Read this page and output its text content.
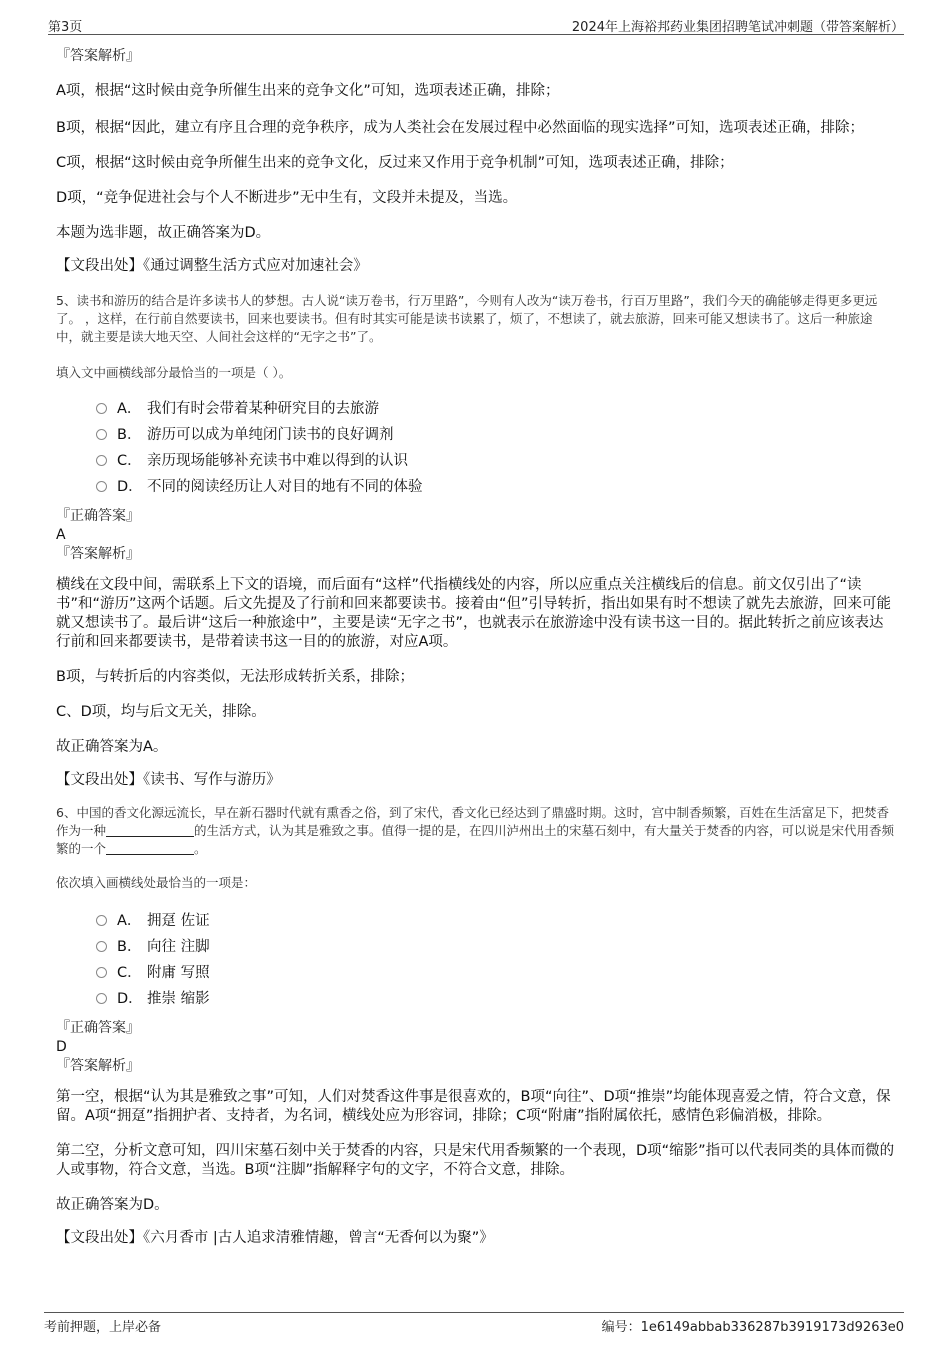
第3页	2024年上海裕邦药业集团招聘笔试冲刺题（带答案解析）
『答案解析』
A项，根据“这时候由竞争所催生出来的竞争文化”可知，选项表述正确，排除；
B项，根据“因此，建立有序且合理的竞争秩序，成为人类社会在发展过程中必然面临的现实选择”可知，选项表述正确，排除；
C项，根据“这时候由竞争所催生出来的竞争文化，反过来又作用于竞争机制”可知，选项表述正确，排除；
D项，“竞争促进社会与个人不断进步”无中生有，文段并未提及，当选。
本题为选非题，故正确答案为D。
【文段出处】《通过调整生活方式应对加速社会》
5、读书和游历的结合是许多读书人的梦想。古人说“读万卷书，行万里路”，今则有人改为“读万卷书，行百万里路”，我们今天的确能够走得更多更远了。 ，这样，在行前自然要读书，回来也要读书。但有时其实可能是读书读累了，烦了，不想读了，就去旅游，回来可能又想读书了。这后一种旅途中，就主要是读大地天空、人间社会这样的“无字之书”了。
填入文中画横线部分最恰当的一项是（ ）。
A． 我们有时会带着某种研究目的去旅游
B． 游历可以成为单纯闭门读书的良好调剂
C． 亲历现场能够补充读书中难以得到的认识
D． 不同的阅读经历让人对目的地有不同的体验
『正确答案』
A
『答案解析』
横线在文段中间，需联系上下文的语境，而后面有“这样”代指横线处的内容，所以应重点关注横线后的信息。前文仅引出了“读书”和“游历”这两个话题。后文先提及了行前和回来都要读书。接着由“但”引导转折，指出如果有时不想读了就先去旅游，回来可能就又想读书了。最后讲“这后一种旅途中”，主要是读“无字之书”，也就表示在旅游途中没有读书这一目的。据此转折之前应该表达行前和回来都要读书，是带着读书这一目的的旅游，对应A项。
B项，与转折后的内容类似，无法形成转折关系，排除；
C、D项，均与后文无关，排除。
故正确答案为A。
【文段出处】《读书、写作与游历》
6、中国的香文化源远流长，早在新石器时代就有熏香之俗，到了宋代，香文化已经达到了鼎盛时期。这时，宫中制香频繁，百姓在生活富足下，把焚香作为一种	的生活方式，认为其是雅致之事。值得一提的是，在四川泸州出土的宋墓石刻中，有大量关于焚香的内容，可以说是宋代用香频繁的一个	。
依次填入画横线处最恰当的一项是：
A． 拥趸 佐证
B． 向往 注脚
C． 附庸 写照
D． 推崇 缩影
『正确答案』
D
『答案解析』
第一空，根据“认为其是雅致之事”可知，人们对焚香这件事是很喜欢的，B项“向往”、D项“推崇”均能体现喜爱之情，符合文意，保留。A项“拥趸”指拥护者、支持者，为名词，横线处应为形容词，排除；C项“附庸”指附属依托，感情色彩偏消极，排除。
第二空，分析文意可知，四川宋墓石刻中关于焚香的内容，只是宋代用香频繁的一个表现，D项“缩影”指可以代表同类的具体而微的人或事物，符合文意，当选。B项“注脚”指解释字句的文字，不符合文意，排除。
故正确答案为D。
【文段出处】《六月香市 |古人追求清雅情趣，曾言“无香何以为聚”》
考前押题，上岸必备	编号：1e6149abbab336287b3919173d9263e0
